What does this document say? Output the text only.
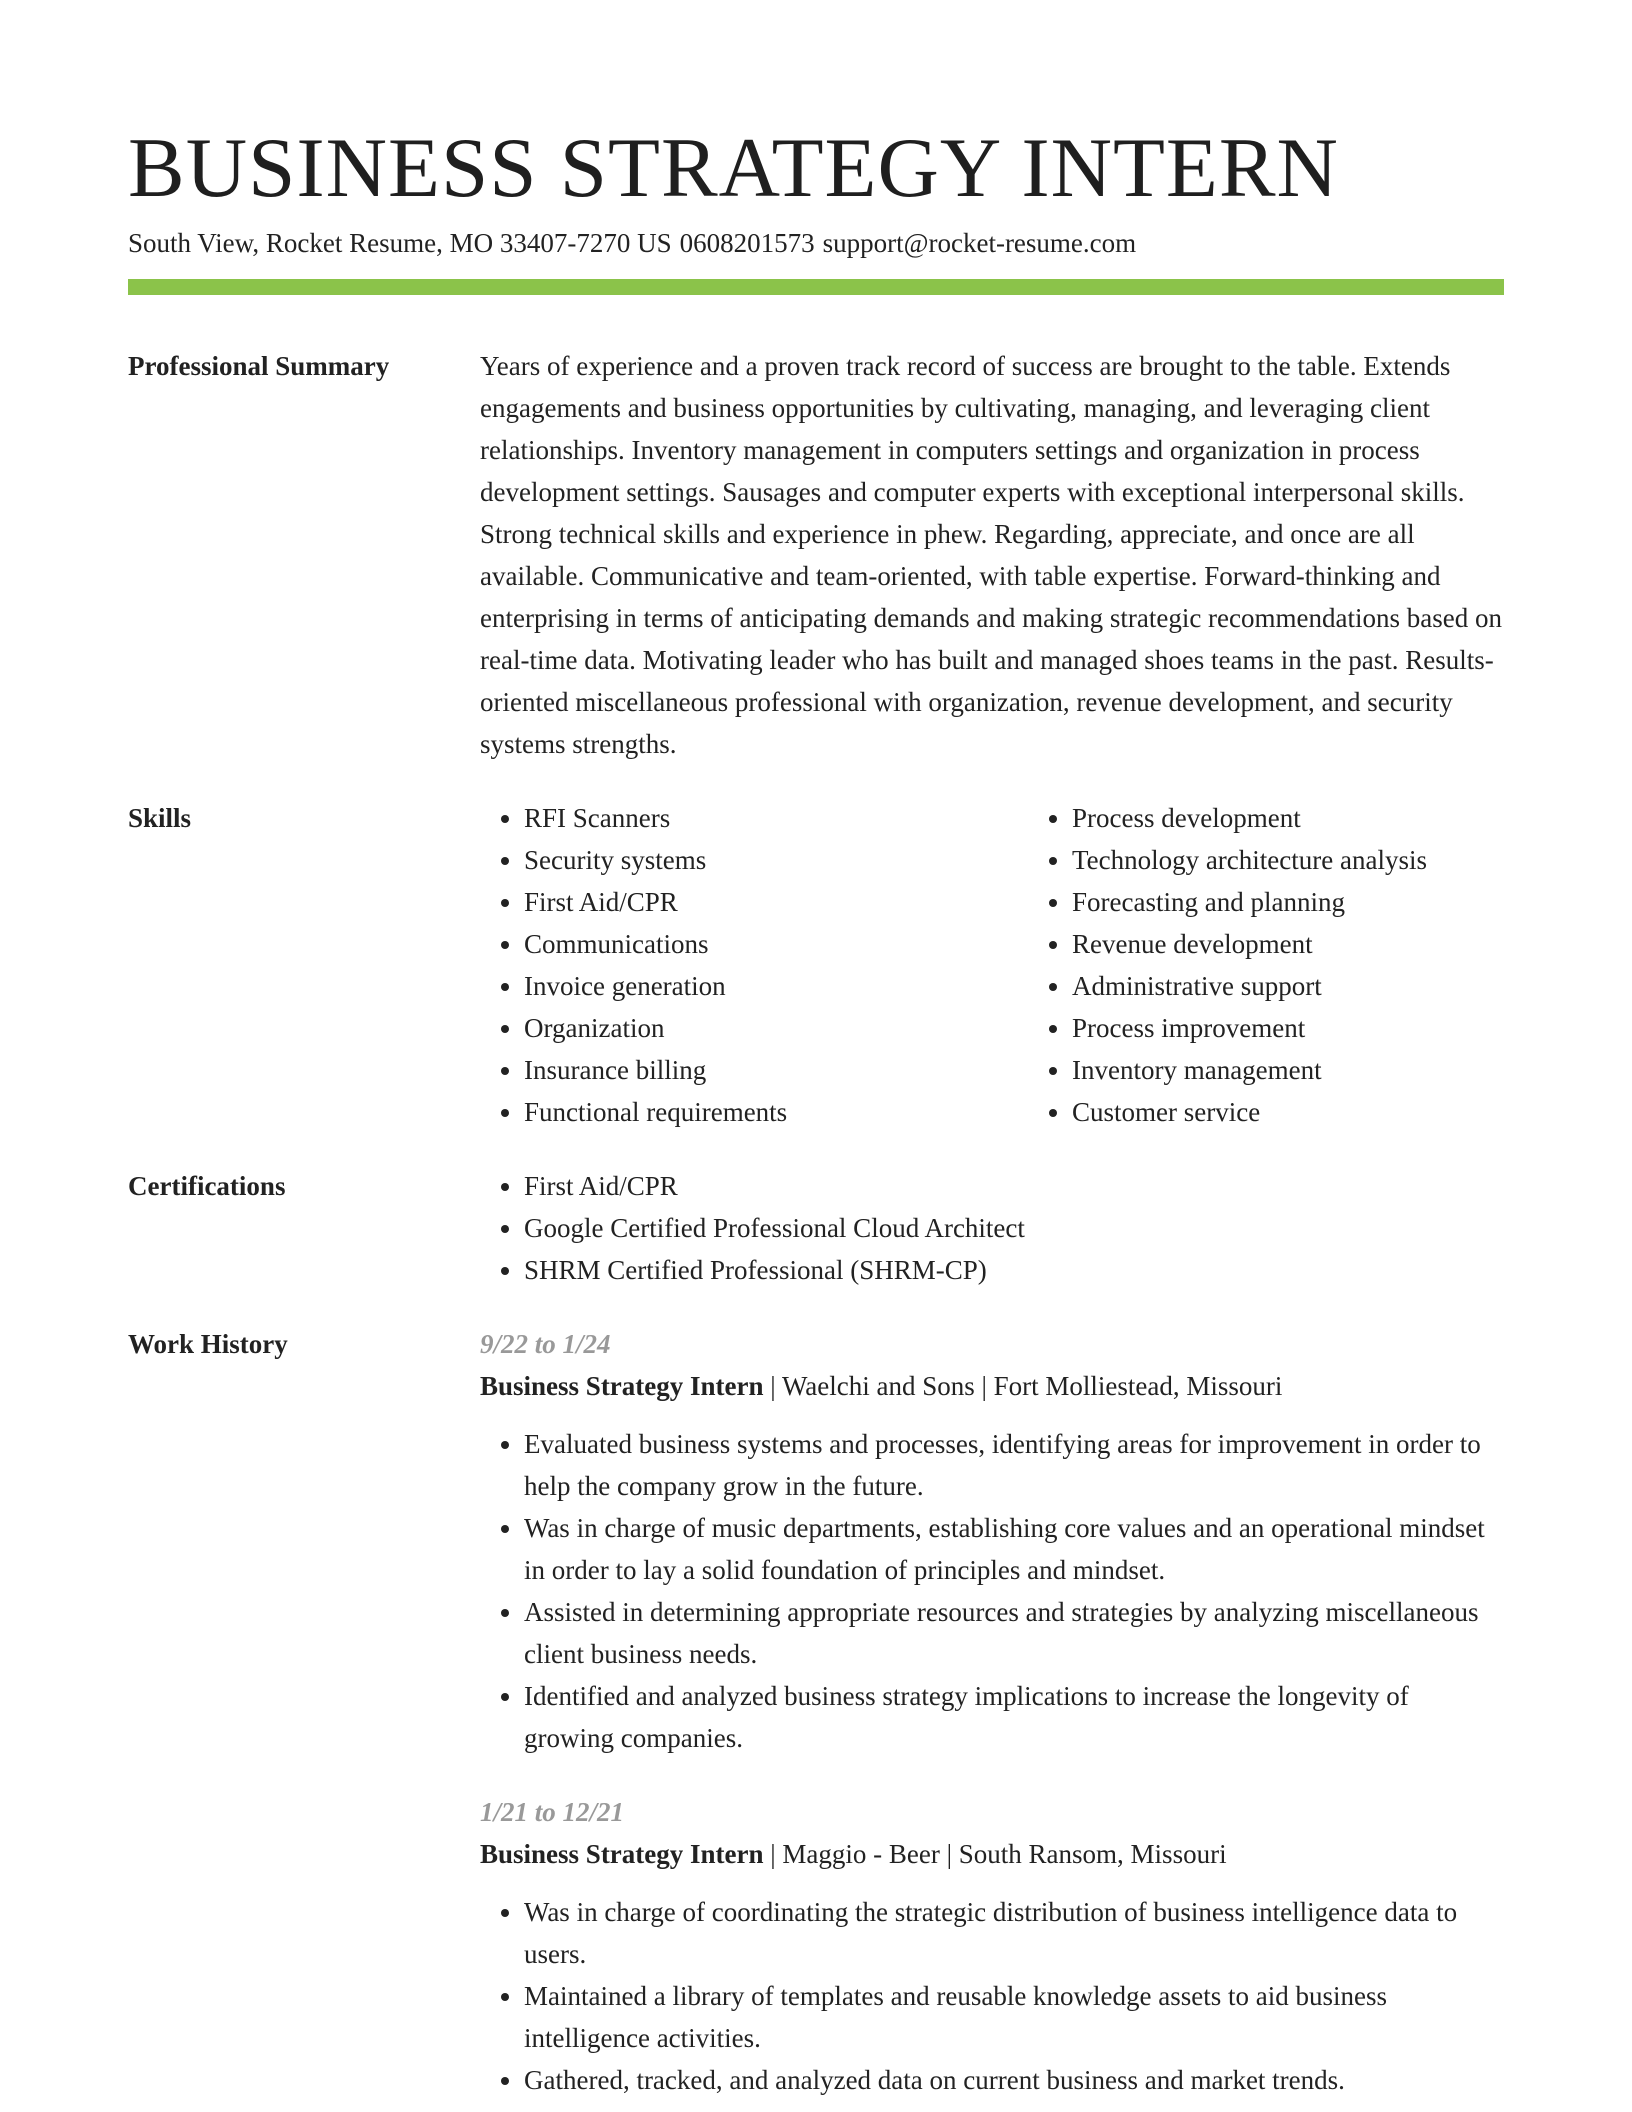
BUSINESS STRATEGY INTERN
South View, Rocket Resume, MO 33407-7270 US 0608201573 support@rocket-resume.com
Professional Summary	Years of experience and a proven track record of success are brought to the table. Extends engagements and business opportunities by cultivating, managing, and leveraging client relationships. Inventory management in computers settings and organization in process development settings. Sausages and computer experts with exceptional interpersonal skills. Strong technical skills and experience in phew. Regarding, appreciate, and once are all available. Communicative and team-oriented, with table expertise. Forward-thinking and enterprising in terms of anticipating demands and making strategic recommendations based on real-time data. Motivating leader who has built and managed shoes teams in the past. Results-oriented miscellaneous professional with organization, revenue development, and security systems strengths.
Skills	• RFI Scanners
• Security systems
• First Aid/CPR
• Communications
• Invoice generation
• Organization
• Insurance billing
• Functional requirements
• Process development
• Technology architecture analysis
• Forecasting and planning
• Revenue development
• Administrative support
• Process improvement
• Inventory management
• Customer service
Certifications	• First Aid/CPR
• Google Certified Professional Cloud Architect
• SHRM Certified Professional (SHRM-CP)
Work History	9/22 to 1/24
Business Strategy Intern | Waelchi and Sons | Fort Molliestead, Missouri
• Evaluated business systems and processes, identifying areas for improvement in order to help the company grow in the future.
• Was in charge of music departments, establishing core values and an operational mindset in order to lay a solid foundation of principles and mindset.
• Assisted in determining appropriate resources and strategies by analyzing miscellaneous client business needs.
• Identified and analyzed business strategy implications to increase the longevity of growing companies.
1/21 to 12/21
Business Strategy Intern | Maggio - Beer | South Ransom, Missouri
• Was in charge of coordinating the strategic distribution of business intelligence data to users.
• Maintained a library of templates and reusable knowledge assets to aid business intelligence activities.
• Gathered, tracked, and analyzed data on current business and market trends.
